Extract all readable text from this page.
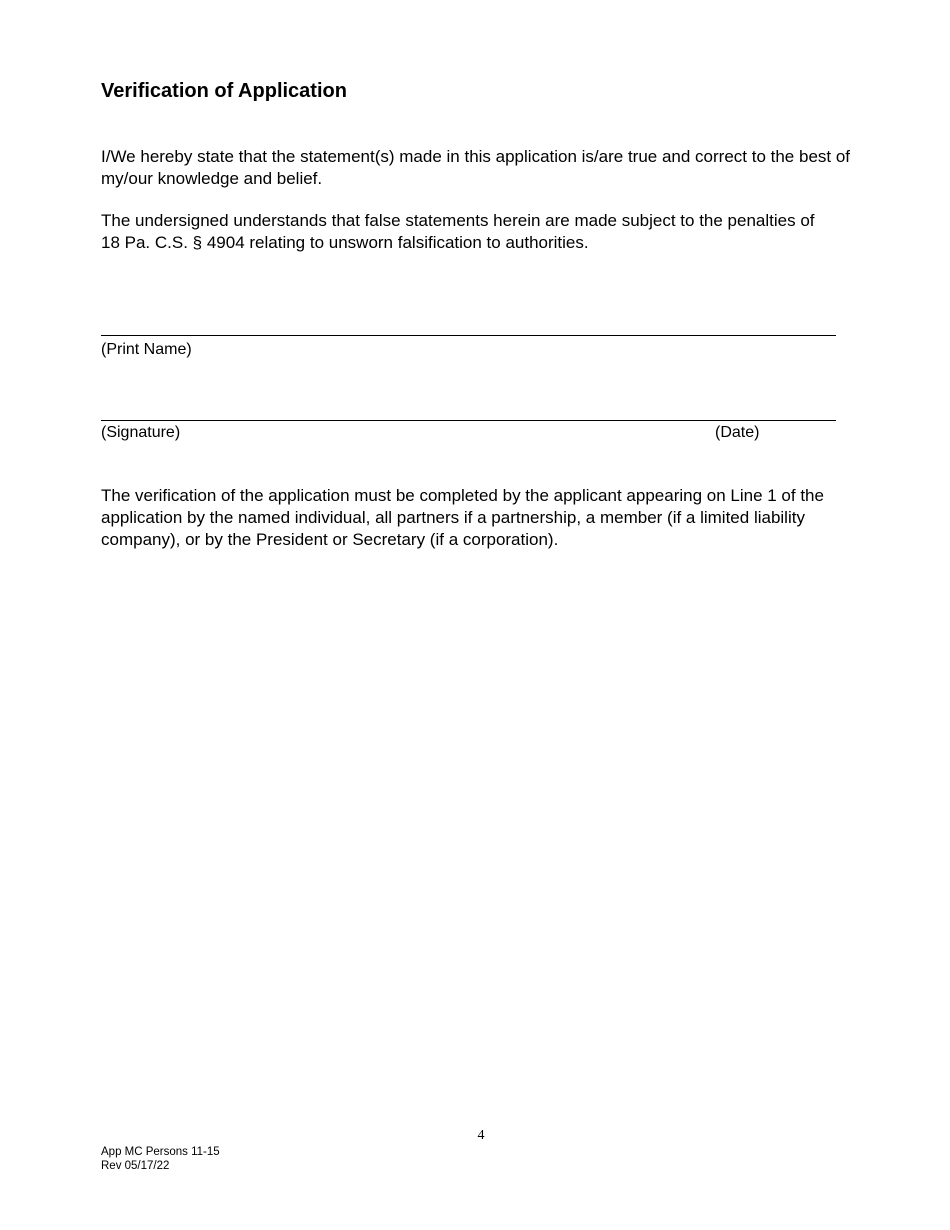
Verification of Application

I/We hereby state that the statement(s) made in this application is/are true and correct to the best of my/our knowledge and belief.

The undersigned understands that false statements herein are made subject to the penalties of 18 Pa. C.S. § 4904 relating to unsworn falsification to authorities.

(Print Name)
(Signature)	(Date)

The verification of the application must be completed by the applicant appearing on Line 1 of the application by the named individual, all partners if a partnership, a member (if a limited liability company), or by the President or Secretary (if a corporation).

4
App MC Persons 11-15
Rev 05/17/22
